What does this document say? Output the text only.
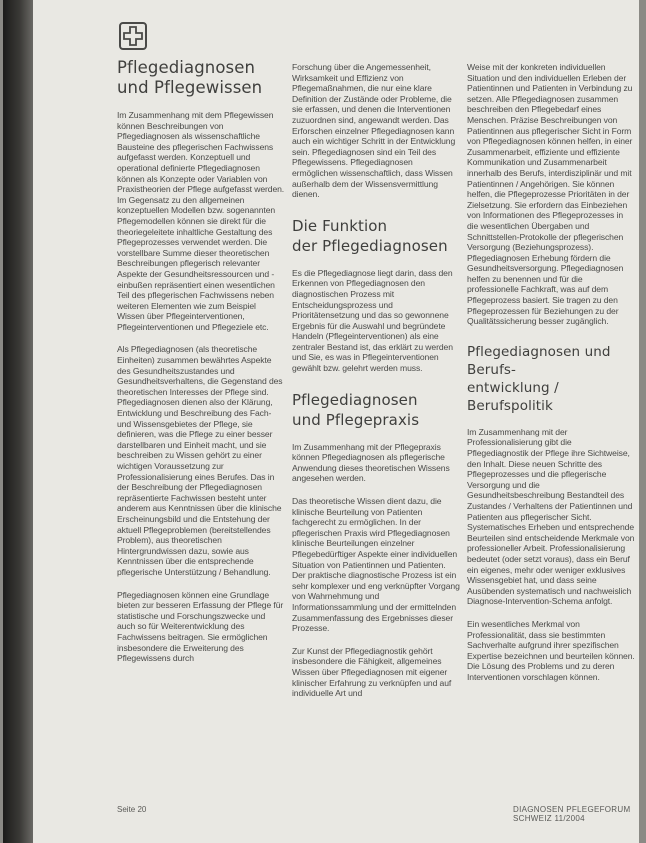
Pflegediagnosen
und Pflegewissen

Im Zusammenhang mit dem Pflegewissen können Beschreibungen von Pflegediagnosen als wissenschaftliche Bausteine des pflegerischen Fachwissens aufgefasst werden. Konzeptuell und operational definierte Pflegediagnosen können als Konzepte oder Variablen von Praxistheorien der Pflege aufgefasst werden. Im Gegensatz zu den allgemeinen konzeptuellen Modellen bzw. sogenannten Pflegemodellen können sie direkt für die theoriegeleitete inhaltliche Gestaltung des Pflegeprozesses verwendet werden. Die vorstellbare Summe dieser theoretischen Beschreibungen pflegerisch relevanter Aspekte der Gesundheitsressourcen und -einbußen repräsentiert einen wesentlichen Teil des pflegerischen Fachwissens neben weiteren Elementen wie zum Beispiel Wissen über Pflegeinterventionen, Pflegeinterventionen und Pflegeziele etc.

Als Pflegediagnosen (als theoretische Einheiten) zusammen bewährtes Aspekte des Gesundheitszustandes und Gesundheitsverhaltens, die Gegenstand des theoretischen Interesses der Pflege sind. Pflegediagnosen dienen also der Klärung, Entwicklung und Beschreibung des Fach- und Wissensgebietes der Pflege, sie definieren, was die Pflege zu einer besser darstellbaren und Einheit macht, und sie beschreiben zu Wissen gehört zu einer wichtigen Voraussetzung zur Professionalisierung eines Berufes. Das in der Beschreibung der Pflegediagnosen repräsentierte Fachwissen besteht unter anderem aus Kenntnissen über die klinische Erscheinungsbild und die Entstehung der aktuell Pflegeproblemen (bereitstellendes Problem), aus theoretischen Hintergrundwissen dazu, sowie aus Kenntnissen über die entsprechende pflegerische Unterstützung / Behandlung.

Pflegediagnosen können eine Grundlage bieten zur besseren Erfassung der Pflege für statistische und Forschungszwecke und auch so für Weiterentwicklung des Fachwissens beitragen. Sie ermöglichen insbesondere die Erweiterung des Pflegewissens durch

Forschung über die Angemessenheit, Wirksamkeit und Effizienz von Pflegemaßnahmen, die nur eine klare Definition der Zustände oder Probleme, die sie erfassen, und denen die Interventionen zuzuordnen sind, angewandt werden. Das Erforschen einzelner Pflegediagnosen kann auch ein wichtiger Schritt in der Entwicklung sein. Pflegediagnosen sind ein Teil des Pflegewissens. Pflegediagnosen ermöglichen wissenschaftlich, dass Wissen außerhalb dem der Wissensvermittlung dienen.

Die Funktion
der Pflegediagnosen

Es die Pflegediagnose liegt darin, dass den Erkennen von Pflegediagnosen den diagnostischen Prozess mit Entscheidungsprozess und Prioritätensetzung und das so gewonnene Ergebnis für die Auswahl und begründete Handeln (Pflegeinterventionen) als eine zentraler Bestand ist, das erklärt zu werden und Sie, es was in Pflegeinterventionen gewählt bzw. gelehrt werden muss.

Pflegediagnosen
und Pflegepraxis

Im Zusammenhang mit der Pflegepraxis können Pflegediagnosen als pflegerische Anwendung dieses theoretischen Wissens angesehen werden.

Das theoretische Wissen dient dazu, die klinische Beurteilung von Patienten fachgerecht zu ermöglichen. In der pflegerischen Praxis wird Pflegediagnosen klinische Beurteilungen einzelner Pflegebedürftiger Aspekte einer individuellen Situation von Patientinnen und Patienten. Der praktische diagnostische Prozess ist ein sehr komplexer und eng verknüpfter Vorgang von Wahrnehmung und Informationssammlung und der ermittelnden Zusammenfassung des Ergebnisses dieser Prozesse.

Zur Kunst der Pflegediagnostik gehört insbesondere die Fähigkeit, allgemeines Wissen über Pflegediagnosen mit eigener klinischer Erfahrung zu verknüpfen und auf individuelle Art und

Weise mit der konkreten individuellen Situation und den individuellen Erleben der Patientinnen und Patienten in Verbindung zu setzen. Alle Pflegediagnosen zusammen beschreiben den Pflegebedarf eines Menschen. Präzise Beschreibungen von Patientinnen aus pflegerischer Sicht in Form von Pflegediagnosen können helfen, in einer Zusammenarbeit, effiziente und effiziente Kommunikation und Zusammenarbeit innerhalb des Berufs, interdisziplinär und mit Patientinnen / Angehörigen. Sie können helfen, die Pflegeprozesse Prioritäten in der Zielsetzung. Sie erfordern das Einbeziehen von Informationen des Pflegeprozesses in die wesentlichen Übergaben und Schnittstellen-Protokolle der pflegerischen Versorgung (Beziehungsprozess). Pflegediagnosen Erhebung fördern die Gesundheitsversorgung. Pflegediagnosen helfen zu benennen und für die professionelle Fachkraft, was auf dem Pflegeprozess basiert. Sie tragen zu den Pflegeprozessen für Beziehungen zu der Qualitätssicherung besser zugänglich.

Pflegediagnosen und Berufs-
entwicklung / Berufspolitik

Im Zusammenhang mit der Professionalisierung gibt die Pflegediagnostik der Pflege ihre Sichtweise, den Inhalt. Diese neuen Schritte des Pflegeprozesses und die pflegerische Versorgung und die Gesundheitsbeschreibung Bestandteil des Zustandes / Verhaltens der Patientinnen und Patienten aus pflegerischer Sicht. Systematisches Erheben und entsprechende Beurteilen sind entscheidende Merkmale von professioneller Arbeit. Professionalisierung bedeutet (oder setzt voraus), dass ein Beruf ein eigenes, mehr oder weniger exklusives Wissensgebiet hat, und dass seine Ausübenden systematisch und nachweislich Diagnose-Intervention-Schema anfolgt.

Ein wesentliches Merkmal von Professionalität, dass sie bestimmten Sachverhalte aufgrund ihrer spezifischen Expertise bezeichnen und beurteilen können. Die Lösung des Problems und zu deren Interventionen vorschlagen können.

Seite 20	DIAGNOSEN PFLEGEFORUM SCHWEIZ 11/2004
